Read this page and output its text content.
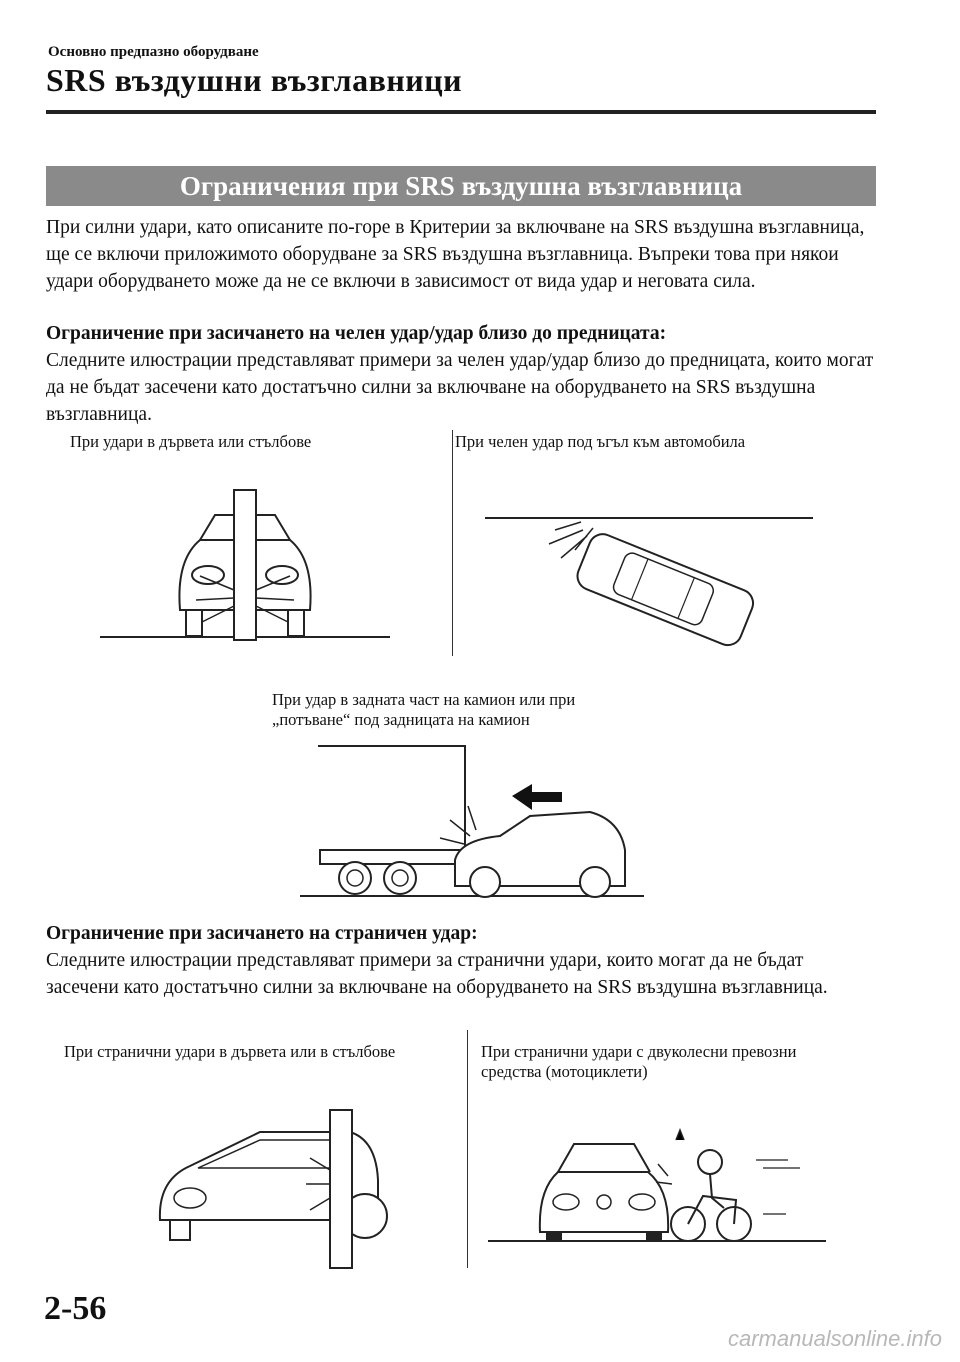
Основно предпазно оборудване
SRS въздушни възглавници
Ограничения при SRS въздушна възглавница
При силни удари, като описаните по-горе в Критерии за включване на SRS въздушна възглавница, ще се включи приложимото оборудване за SRS въздушна възглавница. Въпреки това при някои удари оборудването може да не се включи в зависимост от вида удар и неговата сила.
Ограничение при засичането на челен удар/удар близо до предницата:
Следните илюстрации представляват примери за челен удар/удар близо до предницата, които могат да не бъдат засечени като достатъчно силни за включване на оборудването на SRS въздушна възглавница.
При удари в дървета или стълбове	При челен удар под ъгъл към автомобила
При удар в задната част на камион или при
„потъване“ под задницата на камион
Ограничение при засичането на страничен удар:
Следните илюстрации представляват примери за странични удари, които могат да не бъдат засечени като достатъчно силни за включване на оборудването на SRS въздушна възглавница.
При странични удари в дървета или в стълбове	При странични удари с двуколесни превозни
средства (мотоциклети)
2-56
carmanualsonline.info
